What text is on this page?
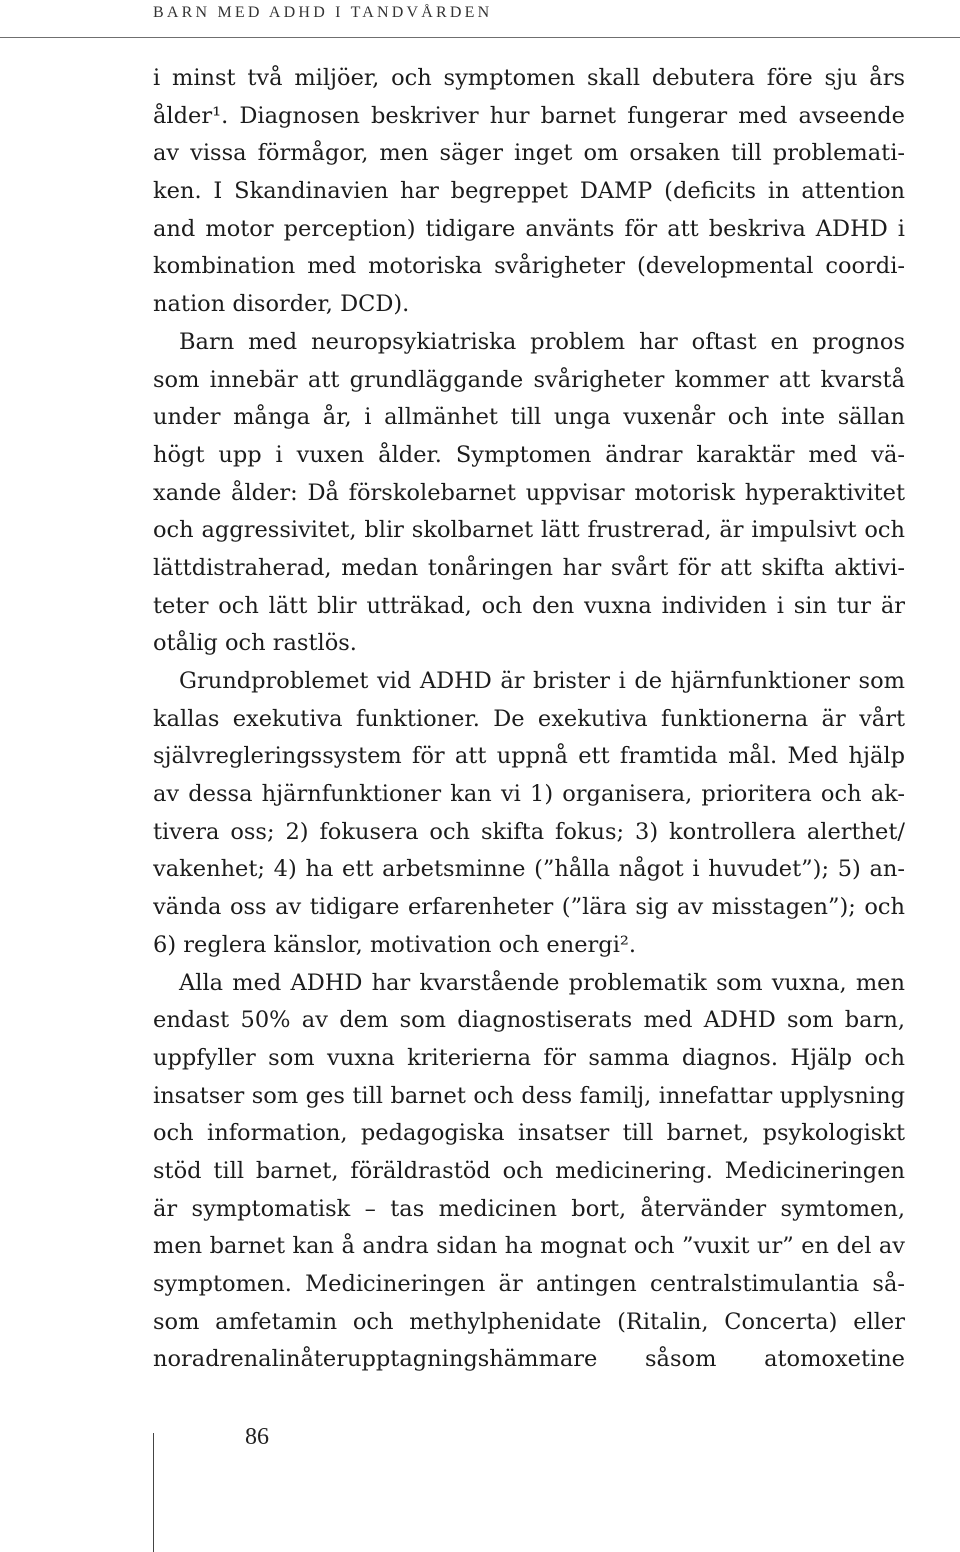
BARN MED ADHD I TANDVÅRDEN
i minst två miljöer, och symptomen skall debutera före sju års
ålder¹. Diagnosen beskriver hur barnet fungerar med avseende
av vissa förmågor, men säger inget om orsaken till problemati-
ken. I Skandinavien har begreppet DAMP (deficits in attention
and motor perception) tidigare använts för att beskriva ADHD i
kombination med motoriska svårigheter (developmental coordi-
nation disorder, DCD).
Barn med neuropsykiatriska problem har oftast en prognos
som innebär att grundläggande svårigheter kommer att kvarstå
under många år, i allmänhet till unga vuxenår och inte sällan
högt upp i vuxen ålder. Symptomen ändrar karaktär med vä-
xande ålder: Då förskolebarnet uppvisar motorisk hyperaktivitet
och aggressivitet, blir skolbarnet lätt frustrerad, är impulsivt och
lättdistraherad, medan tonåringen har svårt för att skifta aktivi-
teter och lätt blir utträkad, och den vuxna individen i sin tur är
otålig och rastlös.
Grundproblemet vid ADHD är brister i de hjärnfunktioner som
kallas exekutiva funktioner. De exekutiva funktionerna är vårt
självregleringssystem för att uppnå ett framtida mål. Med hjälp
av dessa hjärnfunktioner kan vi 1) organisera, prioritera och ak-
tivera oss; 2) fokusera och skifta fokus; 3) kontrollera alerthet/
vakenhet; 4) ha ett arbetsminne (”hålla något i huvudet”); 5) an-
vända oss av tidigare erfarenheter (”lära sig av misstagen”); och
6) reglera känslor, motivation och energi².
Alla med ADHD har kvarstående problematik som vuxna, men
endast 50% av dem som diagnostiserats med ADHD som barn,
uppfyller som vuxna kriterierna för samma diagnos. Hjälp och
insatser som ges till barnet och dess familj, innefattar upplysning
och information, pedagogiska insatser till barnet, psykologiskt
stöd till barnet, föräldrastöd och medicinering. Medicineringen
är symptomatisk – tas medicinen bort, återvänder symtomen,
men barnet kan å andra sidan ha mognat och ”vuxit ur” en del av
symptomen. Medicineringen är antingen centralstimulantia så-
som amfetamin och methylphenidate (Ritalin, Concerta) eller
noradrenalinåterupptagningshämmare såsom atomoxetine
86
